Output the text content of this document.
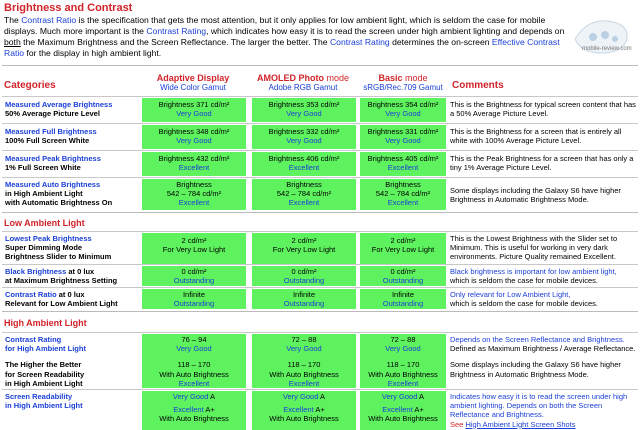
Brightness and Contrast
The Contrast Ratio is the specification that gets the most attention, but it only applies for low ambient light, which is seldom the case for mobile displays. Much more important is the Contrast Rating, which indicates how easy it is to read the screen under high ambient lighting and depends on both the Maximum Brightness and the Screen Reflectance. The larger the better. The Contrast Rating determines the on-screen Effective Contrast Ratio for the display in high ambient light.	mobile-review.com
Categories
Adaptive Display
Wide Color Gamut
AMOLED Photo mode
Adobe RGB Gamut
Basic mode
sRGB/Rec.709 Gamut Comments
Measured Average Brightness
50% Average Picture Level
Brightness 371 cd/m²
Very Good
Brightness 353 cd/m²
Very Good
Brightness 354 cd/m²
Very Good
This is the Brightness for typical screen content that has a 50% Average Picture Level.
Measured Full Brightness
100% Full Screen White
Brightness 348 cd/m²
Very Good
Brightness 332 cd/m²
Very Good
Brightness 331 cd/m²
Very Good
This is the Brightness for a screen that is entirely all white with 100% Average Picture Level.
Measured Peak Brightness
1% Full Screen White
Brightness 432 cd/m²
Excellent
Brightness 406 cd/m²
Excellent
Brightness 405 cd/m²
Excellent
This is the Peak Brightness for a screen that has only a tiny 1% Average Picture Level.
Measured Auto Brightness
in High Ambient Light
with Automatic Brightness On
Brightness
542 – 784 cd/m²
Excellent
Brightness
542 – 784 cd/m²
Excellent
Brightness
542 – 784 cd/m²
Excellent
Some displays including the Galaxy S6 have higher Brightness in Automatic Brightness Mode.
Low Ambient Light
Lowest Peak Brightness
Super Dimming Mode
Brightness Slider to Minimum
2 cd/m²
For Very Low Light
2 cd/m²
For Very Low Light
2 cd/m²
For Very Low Light
This is the Lowest Brightness with the Slider set to Minimum. This is useful for working in very dark environments. Picture Quality remained Excellent.
Black Brightness at 0 lux
at Maximum Brightness Setting
0 cd/m²
Outstanding
0 cd/m²
Outstanding
0 cd/m²
Outstanding
Black brightness is important for low ambient light,
which is seldom the case for mobile devices.
Contrast Ratio at 0 lux
Relevant for Low Ambient Light
Infinite
Outstanding
Infinite
Outstanding
Infinite
Outstanding
Only relevant for Low Ambient Light,
which is seldom the case for mobile devices.
High Ambient Light
Contrast Rating
for High Ambient Light
The Higher the Better
for Screen Readability
in High Ambient Light
76 – 94
Very Good
118 – 170
With Auto Brightness
Excellent
72 – 88
Very Good
118 – 170
With Auto Brightness
Excellent
72 – 88
Very Good
118 – 170
With Auto Brightness
Excellent
Depends on the Screen Reflectance and Brightness.
Defined as Maximum Brightness / Average Reflectance.
Some displays including the Galaxy S6 have higher Brightness in Automatic Brightness Mode.
Screen Readability
in High Ambient Light
Very Good A
Excellent A+
With Auto Brightness
Very Good A
Excellent A+
With Auto Brightness
Very Good A
Excellent A+
With Auto Brightness
Indicates how easy it is to read the screen under high ambient lighting. Depends on both the Screen Reflectance and Brightness.
See High Ambient Light Screen Shots
